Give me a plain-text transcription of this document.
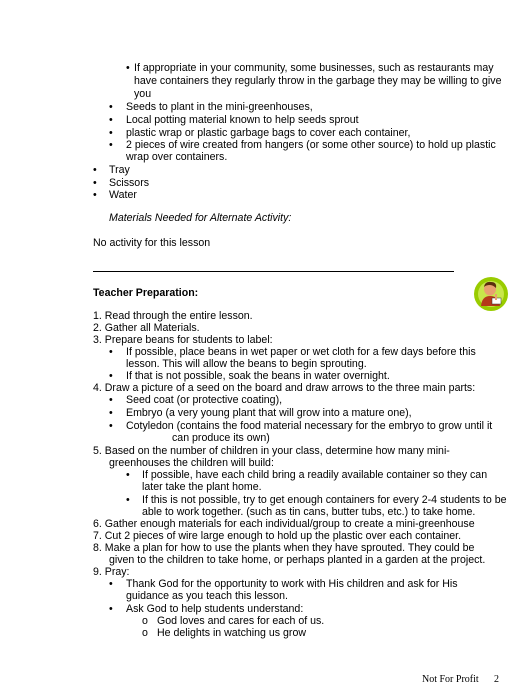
• If appropriate in your community, some businesses, such as restaurants may
have containers they regularly throw in the garbage they may be willing to give
you
• Seeds to plant in the mini-greenhouses,
• Local potting material known to help seeds sprout
• plastic wrap or plastic garbage bags to cover each container,
• 2 pieces of wire created from hangers (or some other source) to hold up plastic
wrap over containers.
• Tray
• Scissors
• Water
Materials Needed for Alternate Activity:
No activity for this lesson
Teacher Preparation:
1. Read through the entire lesson.
2. Gather all Materials.
3. Prepare beans for students to label:
• If possible, place beans in wet paper or wet cloth for a few days before this
lesson. This will allow the beans to begin sprouting.
• If that is not possible, soak the beans in water overnight.
4. Draw a picture of a seed on the board and draw arrows to the three main parts:
• Seed coat (or protective coating),
• Embryo (a very young plant that will grow into a mature one),
• Cotyledon (contains the food material necessary for the embryo to grow until it
can produce its own)
5. Based on the number of children in your class, determine how many mini-
greenhouses the children will build:
• If possible, have each child bring a readily available container so they can
later take the plant home.
• If this is not possible, try to get enough containers for every 2-4 students to be
able to work together. (such as tin cans, butter tubs, etc.) to take home.
6. Gather enough materials for each individual/group to create a mini-greenhouse
7. Cut 2 pieces of wire large enough to hold up the plastic over each container.
8. Make a plan for how to use the plants when they have sprouted. They could be
given to the children to take home, or perhaps planted in a garden at the project.
9. Pray:
• Thank God for the opportunity to work with His children and ask for His
guidance as you teach this lesson.
• Ask God to help students understand:
o God loves and cares for each of us.
o He delights in watching us grow
Not For Profit 2
